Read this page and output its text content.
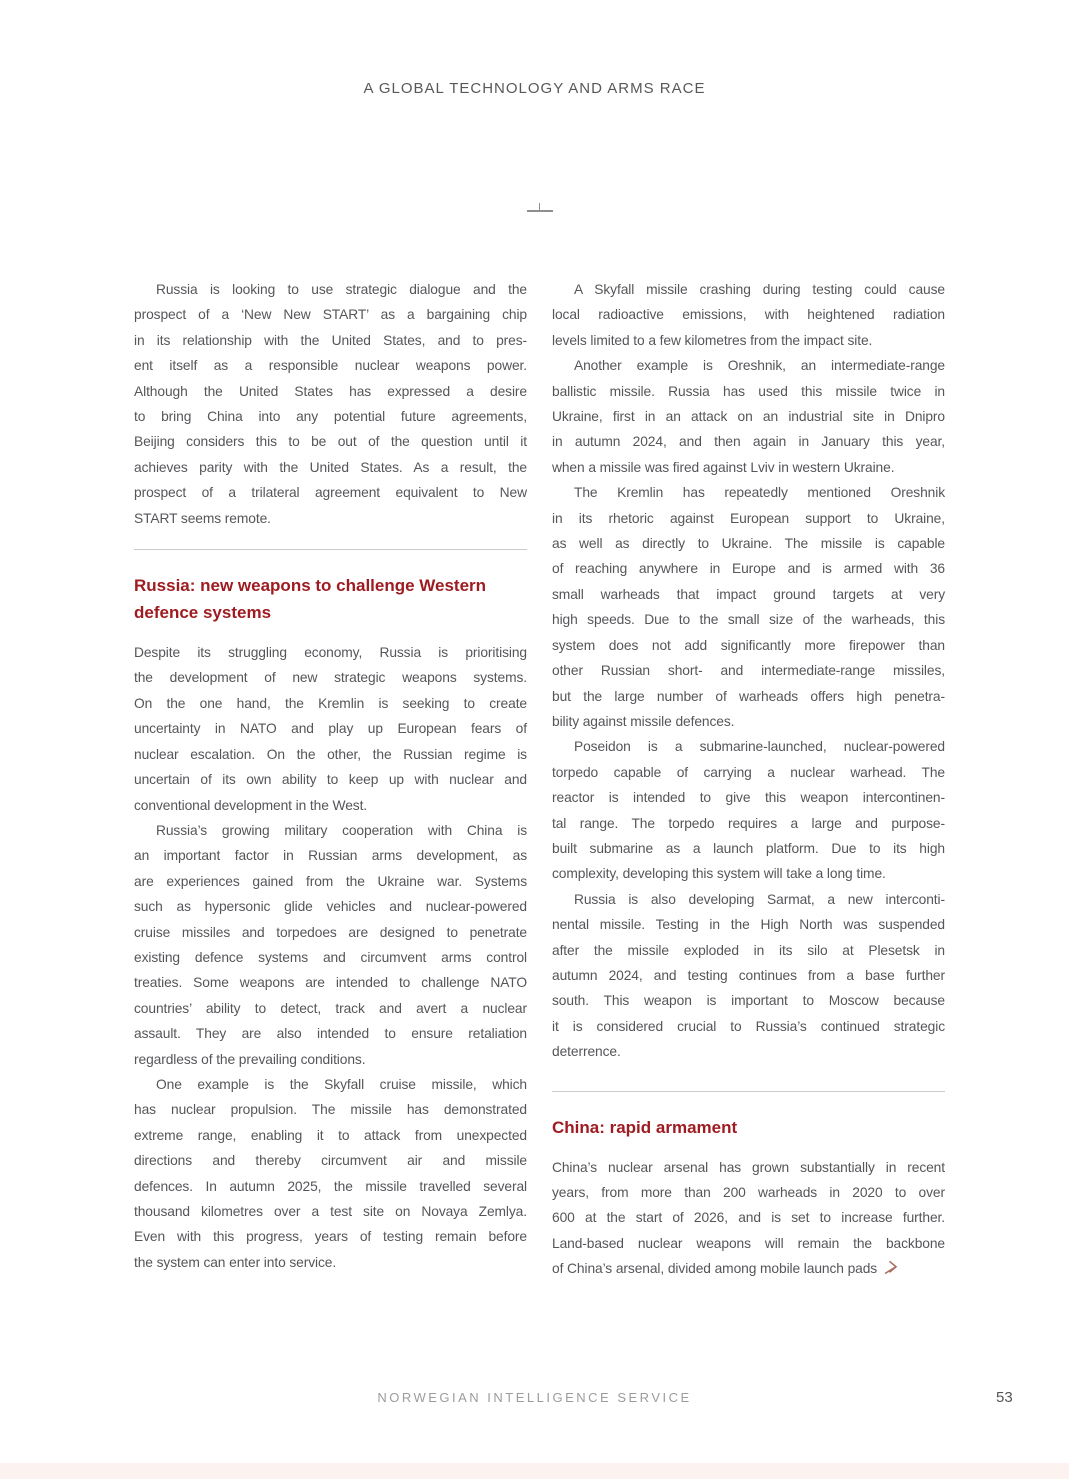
A GLOBAL TECHNOLOGY AND ARMS RACE
Russia is looking to use strategic dialogue and the
prospect of a ‘New New START’ as a bargaining chip
in its relationship with the United States, and to pres-
ent itself as a responsible nuclear weapons power.
Although the United States has expressed a desire
to bring China into any potential future agreements,
Beijing considers this to be out of the question until it
achieves parity with the United States. As a result, the
prospect of a trilateral agreement equivalent to New
START seems remote.
Russia: new weapons to challenge Western
defence systems
Despite its struggling economy, Russia is prioritising
the development of new strategic weapons systems.
On the one hand, the Kremlin is seeking to create
uncertainty in NATO and play up European fears of
nuclear escalation. On the other, the Russian regime is
uncertain of its own ability to keep up with nuclear and
conventional development in the West.
Russia’s growing military cooperation with China is
an important factor in Russian arms development, as
are experiences gained from the Ukraine war. Systems
such as hypersonic glide vehicles and nuclear-powered
cruise missiles and torpedoes are designed to penetrate
existing defence systems and circumvent arms control
treaties. Some weapons are intended to challenge NATO
countries’ ability to detect, track and avert a nuclear
assault. They are also intended to ensure retaliation
regardless of the prevailing conditions.
One example is the Skyfall cruise missile, which
has nuclear propulsion. The missile has demonstrated
extreme range, enabling it to attack from unexpected
directions and thereby circumvent air and missile
defences. In autumn 2025, the missile travelled several
thousand kilometres over a test site on Novaya Zemlya.
Even with this progress, years of testing remain before
the system can enter into service.
A Skyfall missile crashing during testing could cause
local radioactive emissions, with heightened radiation
levels limited to a few kilometres from the impact site.
Another example is Oreshnik, an intermediate-range
ballistic missile. Russia has used this missile twice in
Ukraine, first in an attack on an industrial site in Dnipro
in autumn 2024, and then again in January this year,
when a missile was fired against Lviv in western Ukraine.
The Kremlin has repeatedly mentioned Oreshnik
in its rhetoric against European support to Ukraine,
as well as directly to Ukraine. The missile is capable
of reaching anywhere in Europe and is armed with 36
small warheads that impact ground targets at very
high speeds. Due to the small size of the warheads, this
system does not add significantly more firepower than
other Russian short- and intermediate-range missiles,
but the large number of warheads offers high penetra-
bility against missile defences.
Poseidon is a submarine-launched, nuclear-powered
torpedo capable of carrying a nuclear warhead. The
reactor is intended to give this weapon intercontinen-
tal range. The torpedo requires a large and purpose-
built submarine as a launch platform. Due to its high
complexity, developing this system will take a long time.
Russia is also developing Sarmat, a new interconti-
nental missile. Testing in the High North was suspended
after the missile exploded in its silo at Plesetsk in
autumn 2024, and testing continues from a base further
south. This weapon is important to Moscow because
it is considered crucial to Russia’s continued strategic
deterrence.
China: rapid armament
China’s nuclear arsenal has grown substantially in recent
years, from more than 200 warheads in 2020 to over
600 at the start of 2026, and is set to increase further.
Land-based nuclear weapons will remain the backbone
of China’s arsenal, divided among mobile launch pads
NORWEGIAN INTELLIGENCE SERVICE	53
